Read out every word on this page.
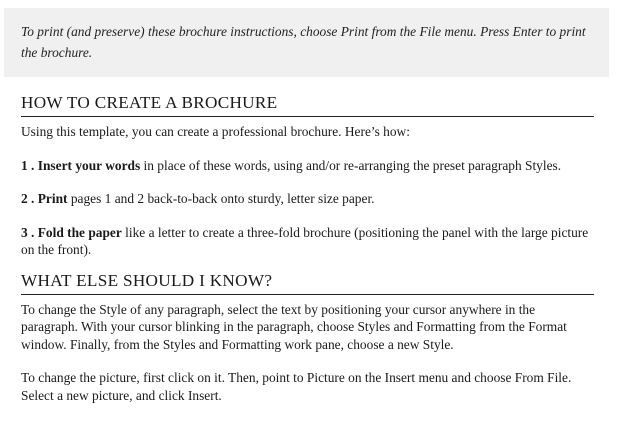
To print (and preserve) these brochure instructions, choose Print from the File menu. Press Enter to print the brochure.
HOW TO CREATE A BROCHURE

Using this template, you can create a professional brochure. Here’s how:

1 . Insert your words in place of these words, using and/or re-arranging the preset paragraph Styles.

2 . Print pages 1 and 2 back-to-back onto sturdy, letter size paper.

3 . Fold the paper like a letter to create a three-fold brochure (positioning the panel with the large picture on the front).

WHAT ELSE SHOULD I KNOW?

To change the Style of any paragraph, select the text by positioning your cursor anywhere in the paragraph. With your cursor blinking in the paragraph, choose Styles and Formatting from the Format window. Finally, from the Styles and Formatting work pane, choose a new Style.

To change the picture, first click on it. Then, point to Picture on the Insert menu and choose From File. Select a new picture, and click Insert.
